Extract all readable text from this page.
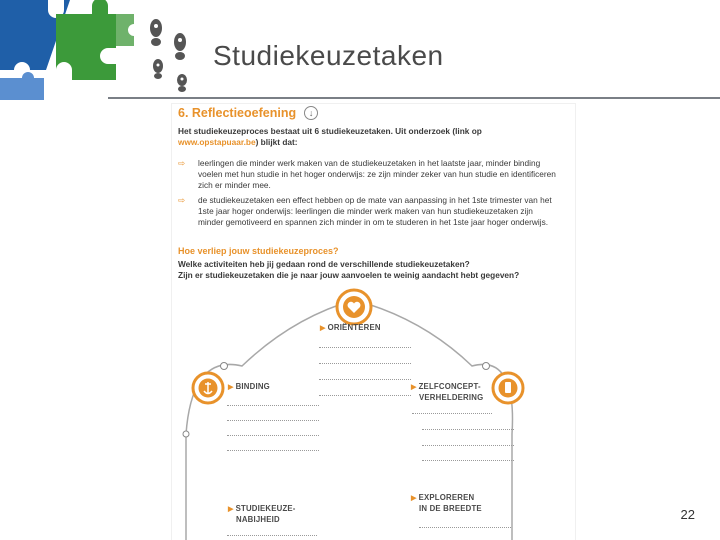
Studiekeuzetaken
6. Reflectieoefening	↓
Het studiekeuzeproces bestaat uit 6 studiekeuzetaken. Uit onderzoek (link op www.opstapuaar.be) blijkt dat:
⇨	leerlingen die minder werk maken van de studiekeuzetaken in het laatste jaar, minder binding voelen met hun studie in het hoger onderwijs: ze zijn minder zeker van hun studie en identificeren zich er minder mee.
⇨	de studiekeuzetaken een effect hebben op de mate van aanpassing in het 1ste trimester van het 1ste jaar hoger onderwijs: leerlingen die minder werk maken van hun studiekeuzetaken zijn minder gemotiveerd en spannen zich minder in om te studeren in het 1ste jaar hoger onderwijs.
Hoe verliep jouw studiekeuzeproces?
Welke activiteiten heb jij gedaan rond de verschillende studiekeuzetaken?
Zijn er studiekeuzetaken die je naar jouw aanvoelen te weinig aandacht hebt gegeven?
▶ ORIËNTEREN
▶ BINDING	▶ ZELFCONCEPT-
VERHELDERING
▶ STUDIEKEUZE-
NABIJHEID
▶ EXPLOREREN
IN DE BREEDTE	22
